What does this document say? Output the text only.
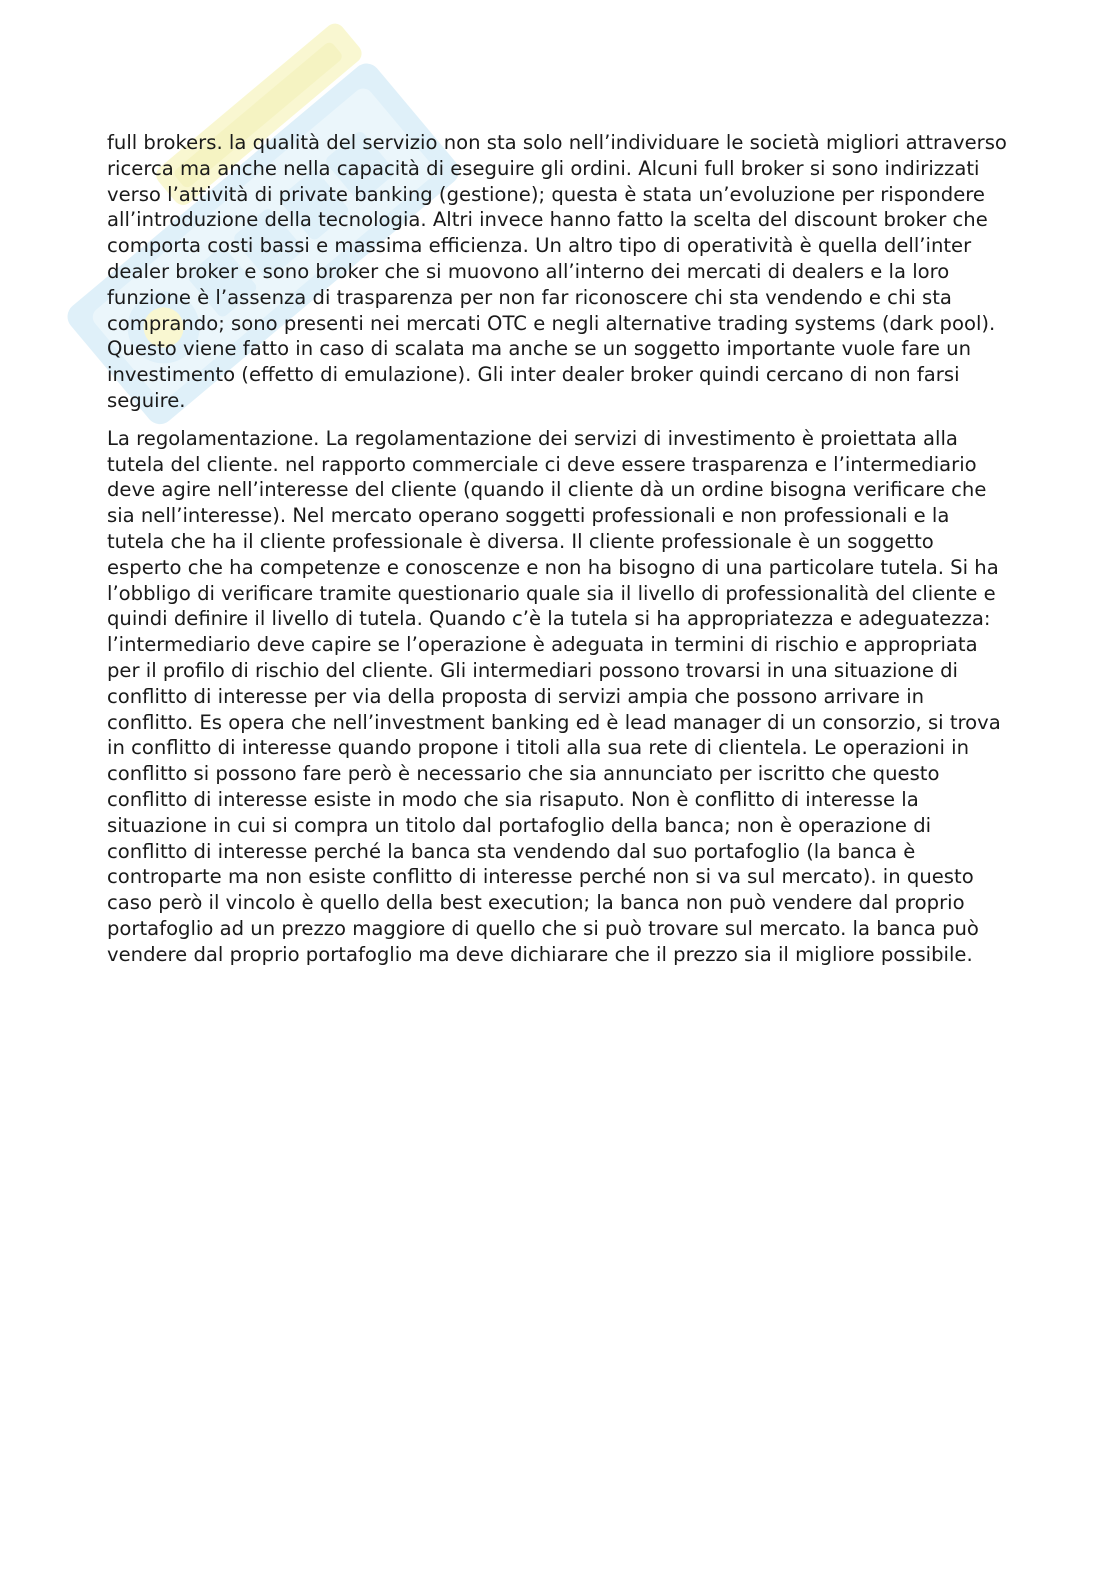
full brokers. la qualità del servizio non sta solo nell’individuare le società migliori attraverso ricerca ma anche nella capacità di eseguire gli ordini. Alcuni full broker si sono indirizzati verso l’attività di private banking (gestione); questa è stata un’evoluzione per rispondere all’introduzione della tecnologia. Altri invece hanno fatto la scelta del discount broker che comporta costi bassi e massima efficienza. Un altro tipo di operatività è quella dell’inter dealer broker e sono broker che si muovono all’interno dei mercati di dealers e la loro funzione è l’assenza di trasparenza per non far riconoscere chi sta vendendo e chi sta comprando; sono presenti nei mercati OTC e negli alternative trading systems (dark pool). Questo viene fatto in caso di scalata ma anche se un soggetto importante vuole fare un investimento (effetto di emulazione). Gli inter dealer broker quindi cercano di non farsi seguire.

La regolamentazione. La regolamentazione dei servizi di investimento è proiettata alla tutela del cliente. nel rapporto commerciale ci deve essere trasparenza e l’intermediario deve agire nell’interesse del cliente (quando il cliente dà un ordine bisogna verificare che sia nell’interesse). Nel mercato operano soggetti professionali e non professionali e la tutela che ha il cliente professionale è diversa. Il cliente professionale è un soggetto esperto che ha competenze e conoscenze e non ha bisogno di una particolare tutela. Si ha l’obbligo di verificare tramite questionario quale sia il livello di professionalità del cliente e quindi definire il livello di tutela. Quando c’è la tutela si ha appropriatezza e adeguatezza: l’intermediario deve capire se l’operazione è adeguata in termini di rischio e appropriata per il profilo di rischio del cliente. Gli intermediari possono trovarsi in una situazione di conflitto di interesse per via della proposta di servizi ampia che possono arrivare in conflitto. Es opera che nell’investment banking ed è lead manager di un consorzio, si trova in conflitto di interesse quando propone i titoli alla sua rete di clientela. Le operazioni in conflitto si possono fare però è necessario che sia annunciato per iscritto che questo conflitto di interesse esiste in modo che sia risaputo. Non è conflitto di interesse la situazione in cui si compra un titolo dal portafoglio della banca; non è operazione di conflitto di interesse perché la banca sta vendendo dal suo portafoglio (la banca è controparte ma non esiste conflitto di interesse perché non si va sul mercato). in questo caso però il vincolo è quello della best execution; la banca non può vendere dal proprio portafoglio ad un prezzo maggiore di quello che si può trovare sul mercato. la banca può vendere dal proprio portafoglio ma deve dichiarare che il prezzo sia il migliore possibile.
